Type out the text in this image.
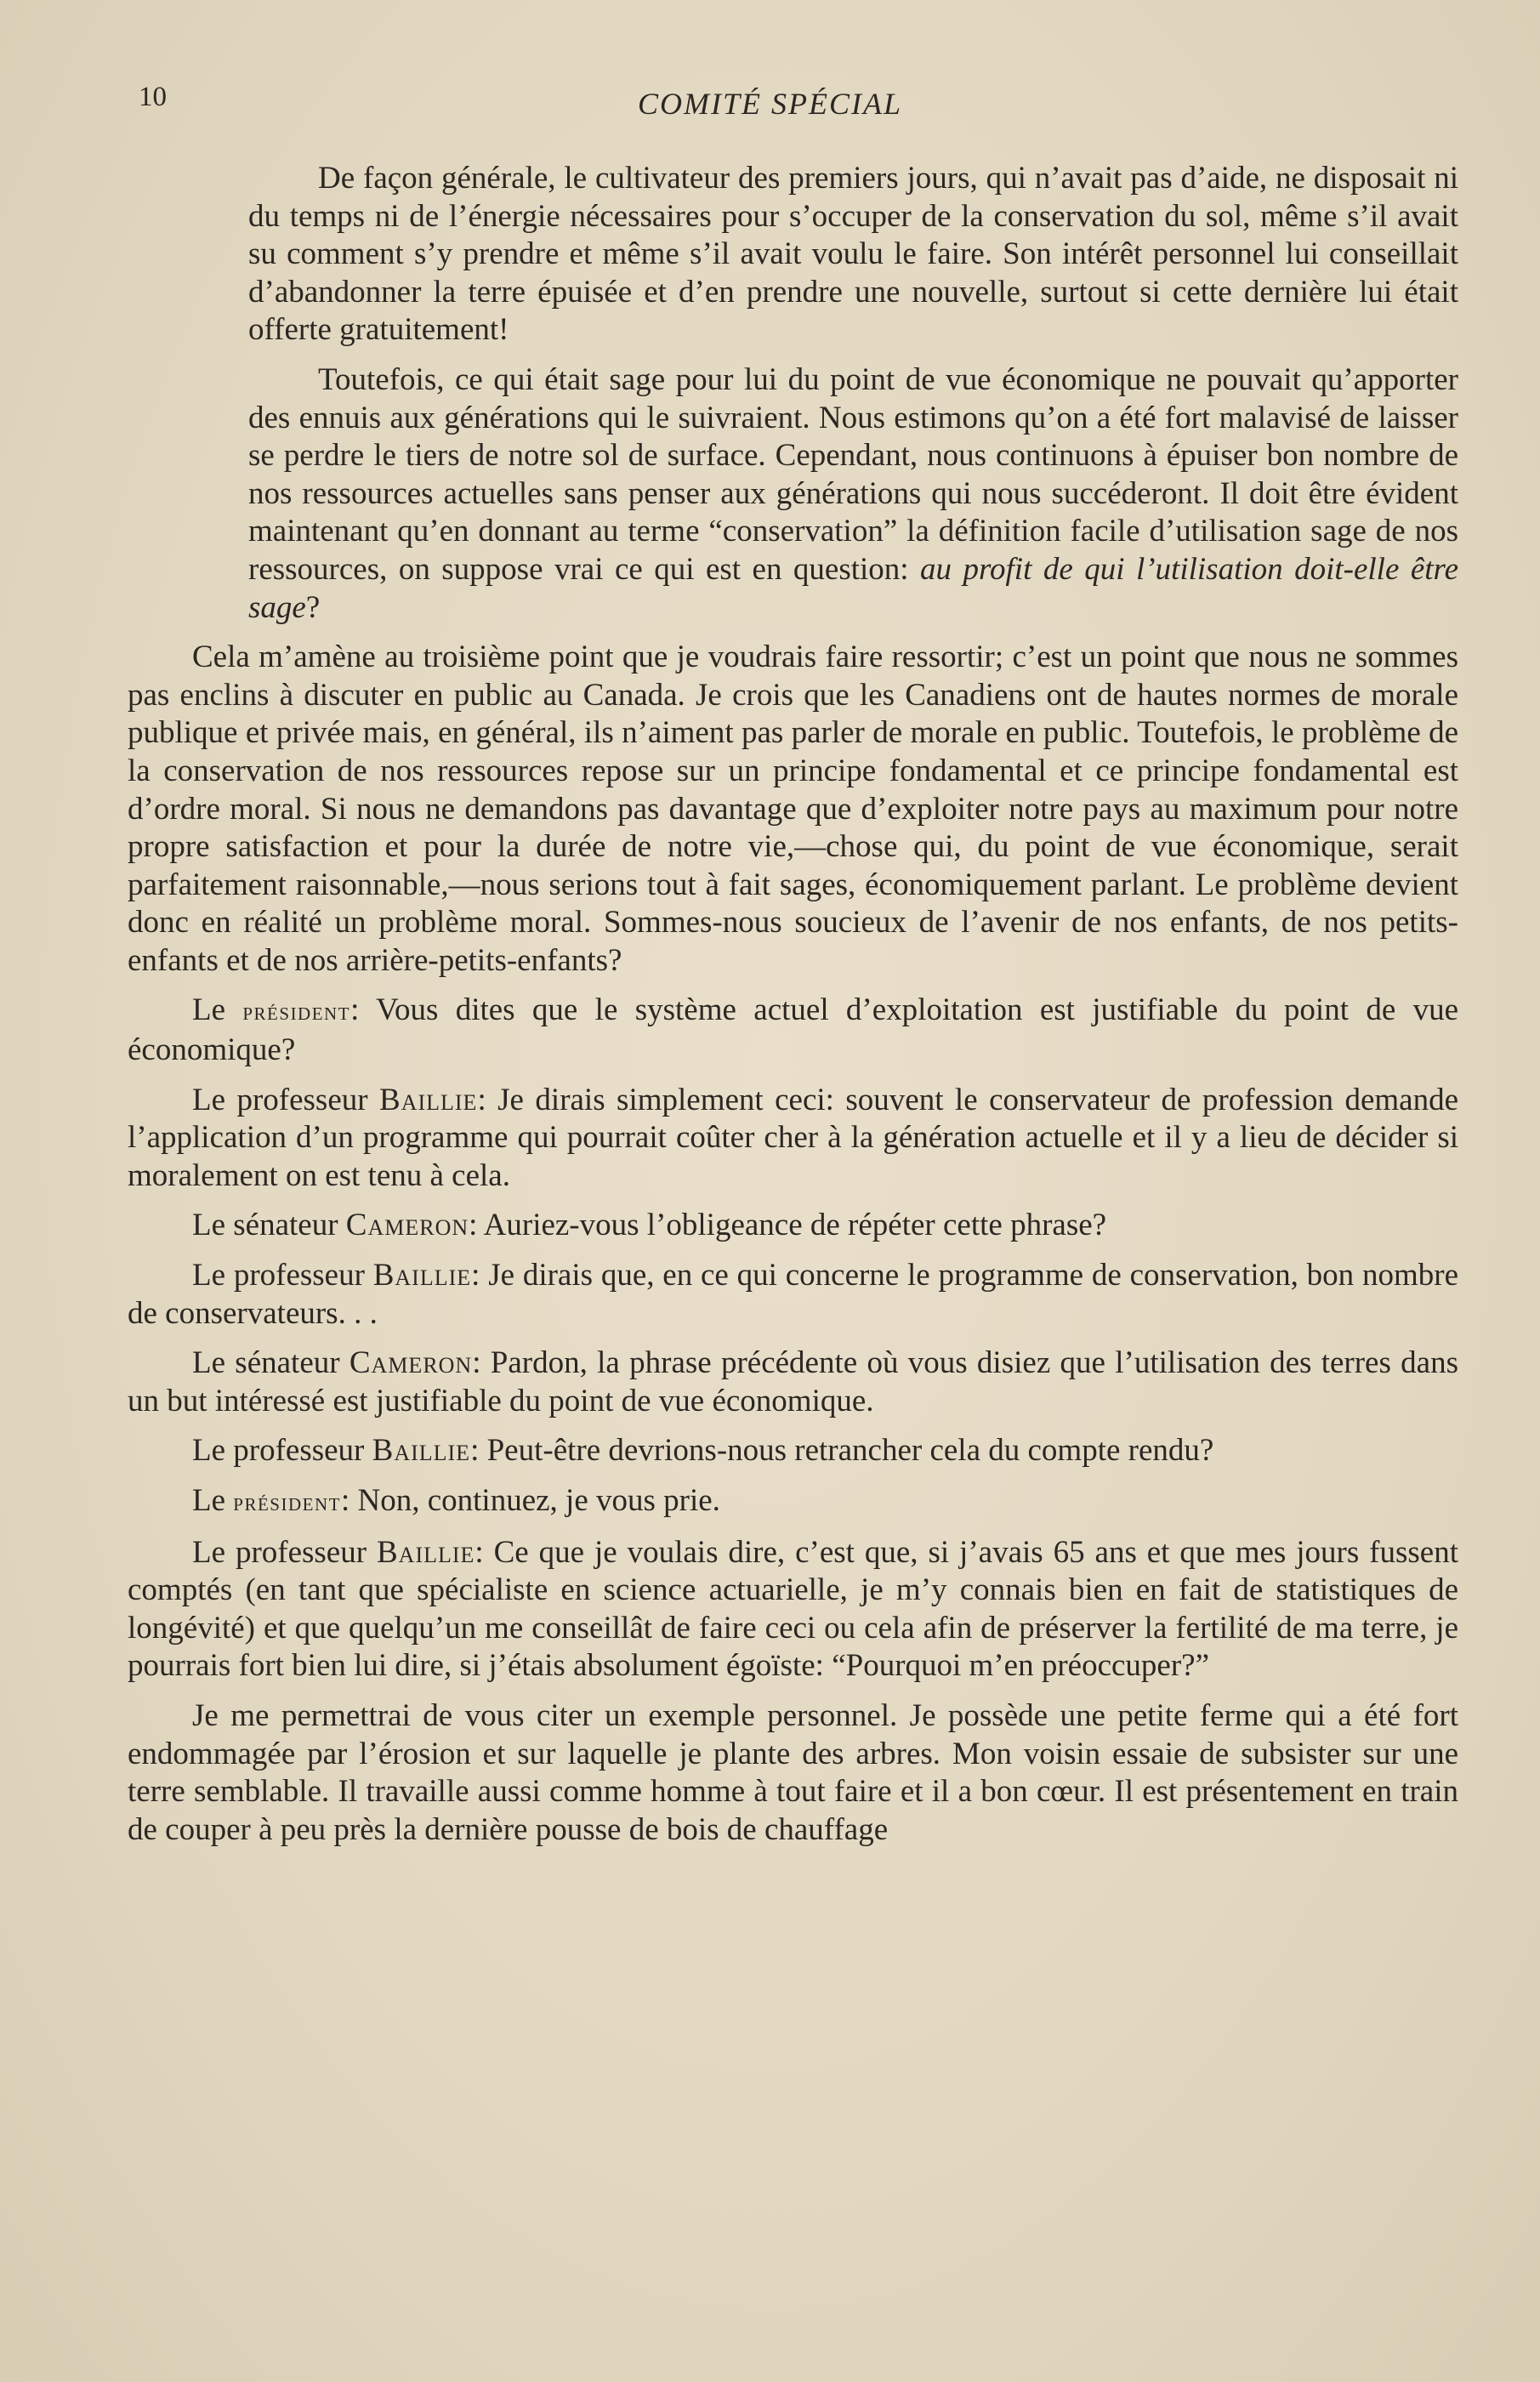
10	COMITÉ SPÉCIAL

De façon générale, le cultivateur des premiers jours, qui n’avait pas d’aide, ne disposait ni du temps ni de l’énergie nécessaires pour s’occuper de la conservation du sol, même s’il avait su comment s’y prendre et même s’il avait voulu le faire. Son intérêt personnel lui conseillait d’abandonner la terre épuisée et d’en prendre une nouvelle, surtout si cette dernière lui était offerte gratuitement!

Toutefois, ce qui était sage pour lui du point de vue économique ne pouvait qu’apporter des ennuis aux générations qui le suivraient. Nous estimons qu’on a été fort malavisé de laisser se perdre le tiers de notre sol de surface. Cependant, nous continuons à épuiser bon nombre de nos ressources actuelles sans penser aux générations qui nous succéderont. Il doit être évident maintenant qu’en donnant au terme “conservation” la définition facile d’utilisation sage de nos ressources, on suppose vrai ce qui est en question: au profit de qui l’utilisation doit-elle être sage?

Cela m’amène au troisième point que je voudrais faire ressortir; c’est un point que nous ne sommes pas enclins à discuter en public au Canada. Je crois que les Canadiens ont de hautes normes de morale publique et privée mais, en général, ils n’aiment pas parler de morale en public. Toutefois, le problème de la conservation de nos ressources repose sur un principe fondamental et ce principe fondamental est d’ordre moral. Si nous ne demandons pas davantage que d’exploiter notre pays au maximum pour notre propre satisfaction et pour la durée de notre vie,—chose qui, du point de vue économique, serait parfaitement raisonnable,—nous serions tout à fait sages, économiquement parlant. Le problème devient donc en réalité un problème moral. Sommes-nous soucieux de l’avenir de nos enfants, de nos petits-enfants et de nos arrière-petits-enfants?

Le président: Vous dites que le système actuel d’exploitation est justifiable du point de vue économique?

Le professeur Baillie: Je dirais simplement ceci: souvent le conservateur de profession demande l’application d’un programme qui pourrait coûter cher à la génération actuelle et il y a lieu de décider si moralement on est tenu à cela.

Le sénateur Cameron: Auriez-vous l’obligeance de répéter cette phrase?

Le professeur Baillie: Je dirais que, en ce qui concerne le programme de conservation, bon nombre de conservateurs. . .

Le sénateur Cameron: Pardon, la phrase précédente où vous disiez que l’utilisation des terres dans un but intéressé est justifiable du point de vue économique.

Le professeur Baillie: Peut-être devrions-nous retrancher cela du compte rendu?

Le président: Non, continuez, je vous prie.

Le professeur Baillie: Ce que je voulais dire, c’est que, si j’avais 65 ans et que mes jours fussent comptés (en tant que spécialiste en science actuarielle, je m’y connais bien en fait de statistiques de longévité) et que quelqu’un me conseillât de faire ceci ou cela afin de préserver la fertilité de ma terre, je pourrais fort bien lui dire, si j’étais absolument égoïste: “Pourquoi m’en préoccuper?”

Je me permettrai de vous citer un exemple personnel. Je possède une petite ferme qui a été fort endommagée par l’érosion et sur laquelle je plante des arbres. Mon voisin essaie de subsister sur une terre semblable. Il travaille aussi comme homme à tout faire et il a bon cœur. Il est présentement en train de couper à peu près la dernière pousse de bois de chauffage
